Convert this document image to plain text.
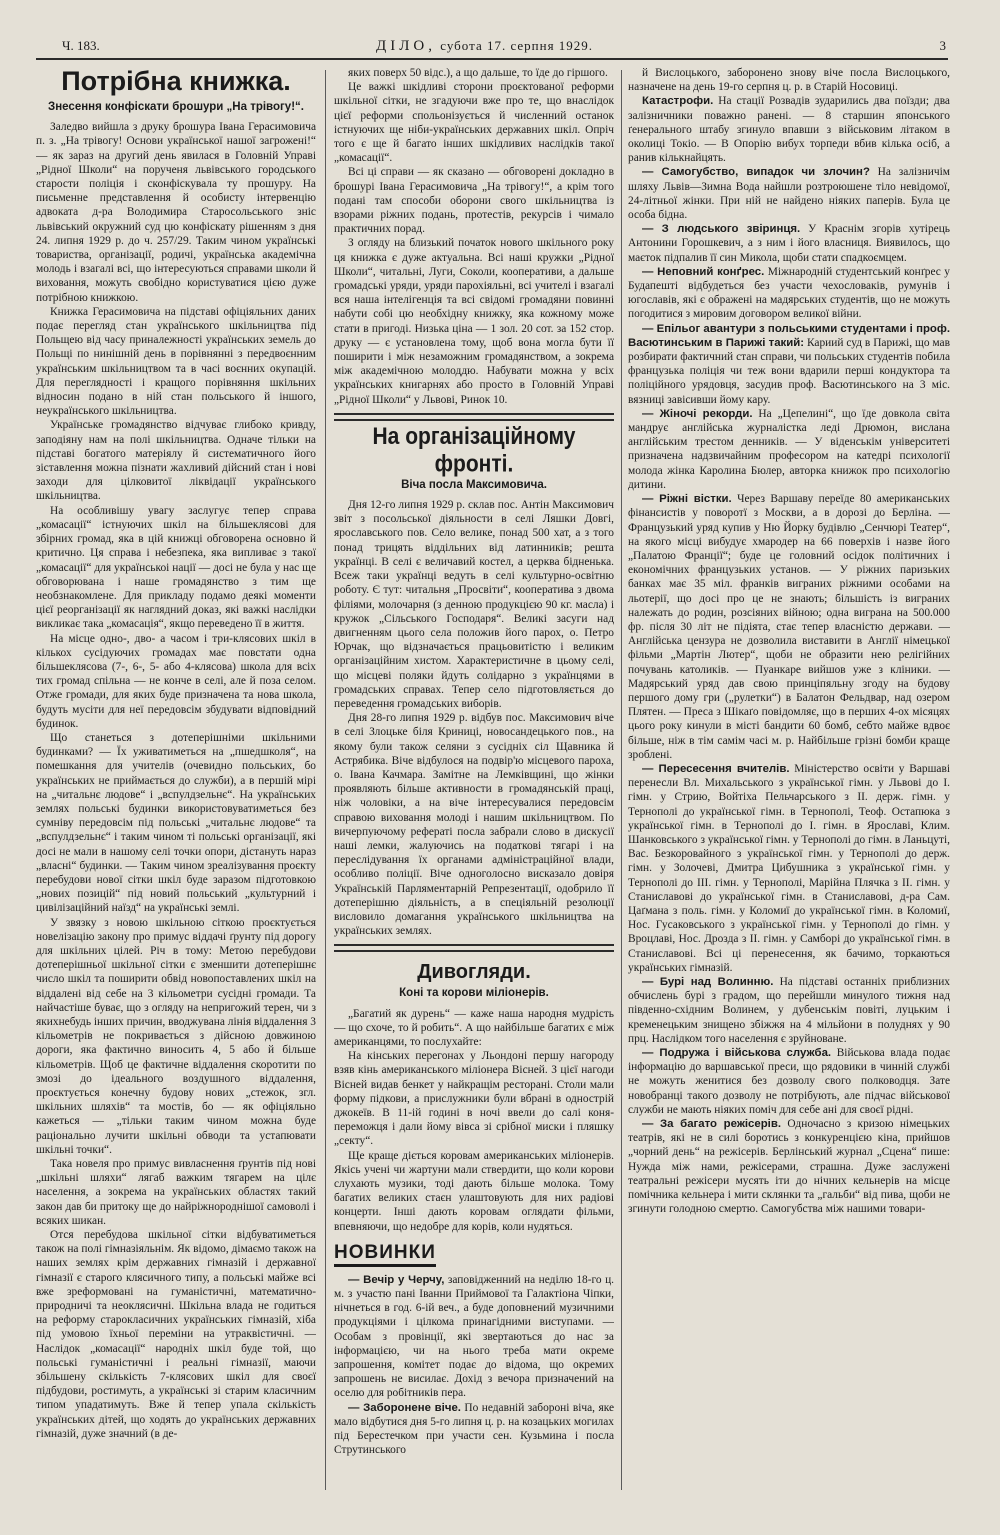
Ч. 183.	ДІЛО, субота 17. серпня 1929.	3
Потрібна книжка.
Знесення конфіскати брошури „На трівогу!“.

Заледво вийшла з друку брошура Івана Герасимовича п. з. „На трівогу! Основи української нашої загрожені!“ — як зараз на другий день явилася в Головній Управі „Рідної Школи“ на порученя львівського городського старости поліція і сконфіскувала ту прошуру. На письменне представлення й особисту інтервенцію адвоката д-ра Володимира Старосольського зніс львівський окружний суд цю конфіскату рішенням з дня 24. липня 1929 р. до ч. 257/29. Таким чином українські товариства, організації, родичі, українська академічна молодь і взагалі всі, що інтересуються справами школи й виховання, можуть свобідно користуватися цією дуже потрібною книжкою.

Книжка Герасимовича на підставі офіціяльних даних подає перегляд стан українського шкільництва під Польщею від часу приналежності українських земель до Польщі по нинішній день в порівнянні з передвоєнним українським шкільництвом та в часі воєнних окупацій. Для переглядності і кращого порівняння шкільних відносин подано в ній стан польського й іншого, неукраїнського шкільництва.

Українське громадянство відчуває глибоко кривду, заподіяну нам на полі шкільництва. Одначе тільки на підставі богатого матеріялу й систематичного його зіставлення можна пізнати жахливий дійсний стан і нові заходи для цілковитої ліквідації українського шкільництва.

На особливішу увагу заслугує тепер справа „комасації“ істнуючих шкіл на більшеклясові для збірних громад, яка в цій книжці обговорена основно й критично. Ця справа і небезпека, яка випливає з такої „комасації“ для українськоі нації — досі не була у нас ще обговорювана і наше громадянство з тим ще необзнакомлене. Для прикладу подамо деякі моменти цієї реорганізації як наглядний доказ, які важкі наслідки викликає така „комасація“, якщо переведено її в життя.

На місце одно-, дво- а часом і три-клясових шкіл в кількох сусідуючих громадах має повстати одна більшеклясова (7-, 6-, 5- або 4-клясова) школа для всіх тих громад спільна — не конче в селі, але й поза селом. Отже громади, для яких буде призначена та нова школа, будуть мусіти для неї передовсім збудувати відповідний будинок.

Що станеться з дотеперішніми шкільними будинками? — Їх уживатиметься на „пшедшколя“, на помешкання для учителів (очевидно польських, бо українських не приймається до служби), а в першій мірі на „читальнє людове“ і „вспулдзельнє“. На українських землях польські будинки використовуватиметься без сумніву передовсім під польські „читальнє людове“ та „вспулдзельнє“ і таким чином ті польські організації, які досі не мали в нашому селі точки опори, дістануть нараз „власні“ будинки. — Таким чином зреалізування проєкту перебудови нової сітки шкіл буде заразом підготовкою „нових позицій“ під новий польський „культурний і цивілізаційний наїзд“ на українські землі.

У звязку з новою шкільною сіткою проєктується новелізацію закону про примус віддачі ґрунту під дорогу для шкільних цілей. Річ в тому: Метою перебудови дотеперішньої шкільної сітки є зменшити дотеперішнє число шкіл та поширити обвід новопоставлених шкіл на віддалені від себе на 3 кільометри сусідні громади. Та найчастіше буває, що з огляду на непригожий терен, чи з якихнебудь інших причин, вводжувана лінія віддалення 3 кільометрів не покривається з дійсною довжиною дороги, яка фактично виносить 4, 5 або й більше кільометрів. Щоб це фактичне віддалення скоротити по змозі до ідеального воздушного віддалення, проєктується конечну будову нових „стежок, згл. шкільних шляхів“ та мостів, бо — як офіціяльно кажеться — „тільки таким чином можна буде раціонально лучити шкільні обводи та устапювати шкільні точки“.

Така новеля про примус вивласнення ґрунтів під нові „шкільні шляхи“ лягаб важким тягарем на цілє населення, а зокрема на українських областях такий закон дав би притоку ще до найріжнороднішої самоволі і всяких шикан.

Отся перебудова шкільної сітки відбуватиметься також на полі гімназіяльнім. Як відомо, дімаємо також на наших землях крім державних гімназій і державної гімназії є старого клясичного типу, а польські майже всі вже зреформовані на гуманістичні, математично-природничі та неоклясичні. Шкільна влада не годиться на реформу старокласичних українських гімназій, хіба під умовою їхньої переміни на утраквістичні. — Наслідок „комасації“ народніх шкіл буде той, що польські гуманістичні і реальні гімназії, маючи збільшену скількість 7-клясових шкіл для своєї підбудови, ростимуть, а українські зі старим класичним типом упадатимуть. Вже й тепер упала скількість українських дітей, що ходять до українських державних гімназій, дуже значний (в де-

яких поверх 50 відс.), а що дальше, то їде до гіршого.

Це важкі шкідливі сторони проєктованої реформи шкільної сітки, не згадуючи вже про те, що внаслідок цієї реформи спольонізується й численний останок істнуючих ще ніби-українських державних шкіл. Опріч того є ще й багато інших шкідливих наслідків такої „комасації“.

Всі ці справи — як сказано — обговорені докладно в брошурі Івана Герасимовича „На трівогу!“, а крім того подані там способи оборони свого шкільництва із взорами ріжних подань, протестів, рекурсів і чимало практичних порад.

З огляду на близький початок нового шкільного року ця книжка є дуже актуальна. Всі наші кружки „Рідної Школи“, читальні, Луги, Соколи, кооперативи, а дальше громадські уряди, уряди парохіяльні, всі учителі і взагалі вся наша інтелігенція та всі свідомі громадяни повинні набути собі цю необхідну книжку, яка кожному може стати в пригоді. Низька ціна — 1 зол. 20 сот. за 152 стор. друку — є установлена тому, щоб вона могла бути її поширити і між незаможним громадянством, а зокрема між академічною молоддю. Набувати можна у всіх українських книгарнях або просто в Головній Управі „Рідної Школи“ у Львові, Ринок 10.

На організаційному фронті.
Віча посла Максимовича.

Дня 12-го липня 1929 р. склав пос. Антін Максимович звіт з посольської діяльности в селі Ляшки Довгі, ярославського пов. Село велике, понад 500 хат, а з того понад трицять віддільних від латинників; решта українці. В селі є величавий костел, а церква бідненька. Всеж таки українці ведуть в селі культурно-освітню роботу. Є тут: читальня „Просвіти“, кооператива з двома філіями, молочарня (з денною продукцією 90 кг. масла) і кружок „Сільського Господаря“. Великі засуги над двигненням цього села положив його парох, о. Петро Юрчак, що відзначається працьовитістю і великим організаційним хистом. Характеристичне в цьому селі, що місцеві поляки йдуть солідарно з українцями в громадських справах. Тепер село підготовляється до переведення громадських виборів.

Дня 28-го липня 1929 р. відбув пос. Максимович віче в селі Злоцьке біля Криниці, новосандецького пов., на якому були також селяни з сусідніх сіл Щавника й Астрябика. Віче відбулося на подвір'ю місцевого пароха, о. Івана Качмара. Замітне на Лемківщині, що жінки проявляють більше активности в громадянській праці, ніж чоловіки, а на віче інтересувалися передовсім справою виховання молоді і нашим шкільництвом. По вичерпуючому рефераті посла забрали слово в дискусії наші лемки, жалуючись на податкові тягарі і на переслідування їх органами адміністраційної влади, особливо поліції. Віче одноголосно висказало довіря Українській Парляментарній Репрезентації, одобрило її дотеперішню діяльність, а в спеціяльній резолюції висловило домагання українського шкільництва на українських землях.

Дивогляди.
Коні та корови міліонерів.

„Багатий як дурень“ — каже наша народня мудрість — що схоче, то й робить“. А що найбільше багатих є між американцями, то послухайте:

На кінських перегонах у Льондоні першу нагороду взяв кінь американського міліонера Вісней. З цієї нагоди Вісней видав бенкет у найкращім ресторані. Столи мали форму підкови, а прислужники були вбрані в однострій джокеїв. В 11-ій годині в ночі ввели до салі коня-переможця і дали йому вівса зі срібної миски і пляшку „секту“.

Ще краще діється коровам американських міліонерів. Якісь учені чи жартуни мали ствердити, що коли корови слухають музики, тоді дають більше молока. Тому багатих великих стаєн улаштовують для них радіові концерти. Інші дають коровам оглядати фільми, впевняючи, що недобре для корів, коли нудяться.

НОВИНКИ

— Вечір у Черчу, заповідженний на неділю 18-го ц. м. з участю пані Іванни Приймової та Галактіона Чіпки, нічнеться в год. 6-ій веч., а буде доповнений музичними продукціями і цілкома принагідними виступами. — Особам з провінції, які звертаються до нас за інформацією, чи на нього треба мати окреме запрошення, комітет подає до відома, що окремих запрошень не висилає. Дохід з вечора призначений на оселю для робітників пера.

— Заборонене віче. По недавній забороні віча, яке мало відбутися дня 5-го липня ц. р. на козацьких могилах під Берестечком при участи сен. Кузьмина і посла Струтинського

й Вислоцького, заборонено знову віче посла Вислоцького, назначене на день 19-го серпня ц. р. в Старій Носовиці.

Катастрофи. На стації Розвадів зударились два поїзди; два залізничники поважно ранені. — 8 старшин японського ґенерального штабу згинуло впавши з військовим літаком в околиці Токіо. — В Опорію вибух торпеди вбив кілька осіб, а ранив кількнайцять.

— Самогубство, випадок чи злочин? На залізничім шляху Львів—Зимна Вода найшли розтроюшене тіло невідомої, 24-літньої жінки. При ній не найдено ніяких паперів. Була це особа бідна.

— З людського звіринця. У Краснім згорів хутірець Антонини Горошкевич, а з ним і його власниця. Виявилось, що маєток підпалив її син Микола, щоби стати спадкоємцем.

— Неповний конґрес. Міжнародній студентський конґрес у Будапешті відбудеться без участи чехословаків, румунів і югославів, які є ображені на мадярських студентів, що не можуть погодитися з мировим договором великої війни.

— Епільог авантури з польськими студентами і проф. Васютинським в Парижі такий: Кариий суд в Парижі, що мав розбирати фактичний стан справи, чи польських студентів побила французька поліція чи теж вони вдарили перші кондуктора та поліційного урядовця, засудив проф. Васютинського на 3 міс. вязниці завісивши йому кару.

— Жіночі рекорди. На „Цепелині“, що їде довкола світа мандрує англійська журналістка леді Дрюмон, вислана англійським трестом денників. — У віденськім університеті призначена надзвичайним професором на катедрі психології молода жінка Каролина Бюлер, авторка книжок про психологію дитини.

— Ріжні вістки. Через Варшаву переїде 80 американських фінансистів у поворотї з Москви, а в дорозі до Берліна. — Французький уряд купив у Ню Йорку будівлю „Сенчюрі Театер“, на якого місці вибудує хмародер на 66 поверхів і назве його „Палатою Франції“; буде це головний осідок політичних і економічних французьких установ. — У ріжних паризьких банках має 35 міл. франків виграних ріжними особами на льотерії, що досі про це не знають; більшість із виграних належать до родин, розсіяних війною; одна виграна на 500.000 фр. після 30 літ не підіята, стає тепер власністю держави. — Англійська цензура не дозволила виставити в Англії німецької фільми „Мартін Лютер“, щоби не образити нею релігійних почувань католиків. — Пуанкаре вийшов уже з кліники. — Мадярський уряд дав свою принціпяльну згоду на будову першого дому гри („рулетки“) в Балатон Фельдвар, над озером Плятен. — Преса з Шікаґо повідомляє, що в перших 4-ох місяцях цього року кинули в місті бандити 60 бомб, себто майже вдвоє більше, ніж в тім самім часі м. р. Найбільше грізні бомби краще зроблені.

— Пересесення вчителів. Міністерство освіти у Варшаві перенесли Вл. Михальського з української гімн. у Львові до І. гімн. у Стрию, Войтіха Пельчарського з ІІ. держ. гімн. у Тернополі до української гімн. в Тернополі, Теоф. Остапюка з української гімн. в Тернополі до І. гімн. в Ярославі, Клим. Шанковського з української гімн. у Тернополі до гімн. в Ланьцуті, Вас. Безкоровайного з української гімн. у Тернополі до держ. гімн. у Золочеві, Дмитра Цибушника з української гімн. у Тернополі до ІІІ. гімн. у Тернополі, Марійна Плячка з ІІ. гімн. у Станиславові до української гімн. в Станиславові, д-ра Сам. Цаґмана з поль. гімн. у Коломиї до української гімн. в Коломиї, Нос. Гусаковського з української гімн. у Тернополі до гімн. у Вроцлаві, Нос. Дрозда з ІІ. гімн. у Самборі до української гімн. в Станиславові. Всі ці перенесення, як бачимо, торкаються українських гімназій.

— Бурі над Волинню. На підставі останніх приблизних обчислень бурі з градом, що перейшли минулого тижня над південно-східним Волинем, у дубенськім повіті, луцьким і кременецьким знищено збіжжя на 4 мільйони в полуднях у 90 прц. Наслідком того населення є зруйноване.

— Подружа і військова служба. Військова влада подає інформацію до варшавської преси, що рядовики в чинній службі не можуть женитися без дозволу свого полководця. Зате новобранці такого дозволу не потрібують, але підчас військової служби не мають ніяких поміч для себе ані для своєї рідні.

— За багато режісерів. Одночасно з кризою німецьких театрів, які не в силі боротись з конкуренцією кіна, прийшов „чорний день“ на режісерів. Берлінський журнал „Сцена“ пише: Нужда між нами, режісерами, страшна. Дуже заслужені театральні режісери мусять іти до нічних кельнерів на місце помічника кельнера і мити склянки та „гальби“ від пива, щоби не згинути голодною смертю. Самогубства між нашими товари-
